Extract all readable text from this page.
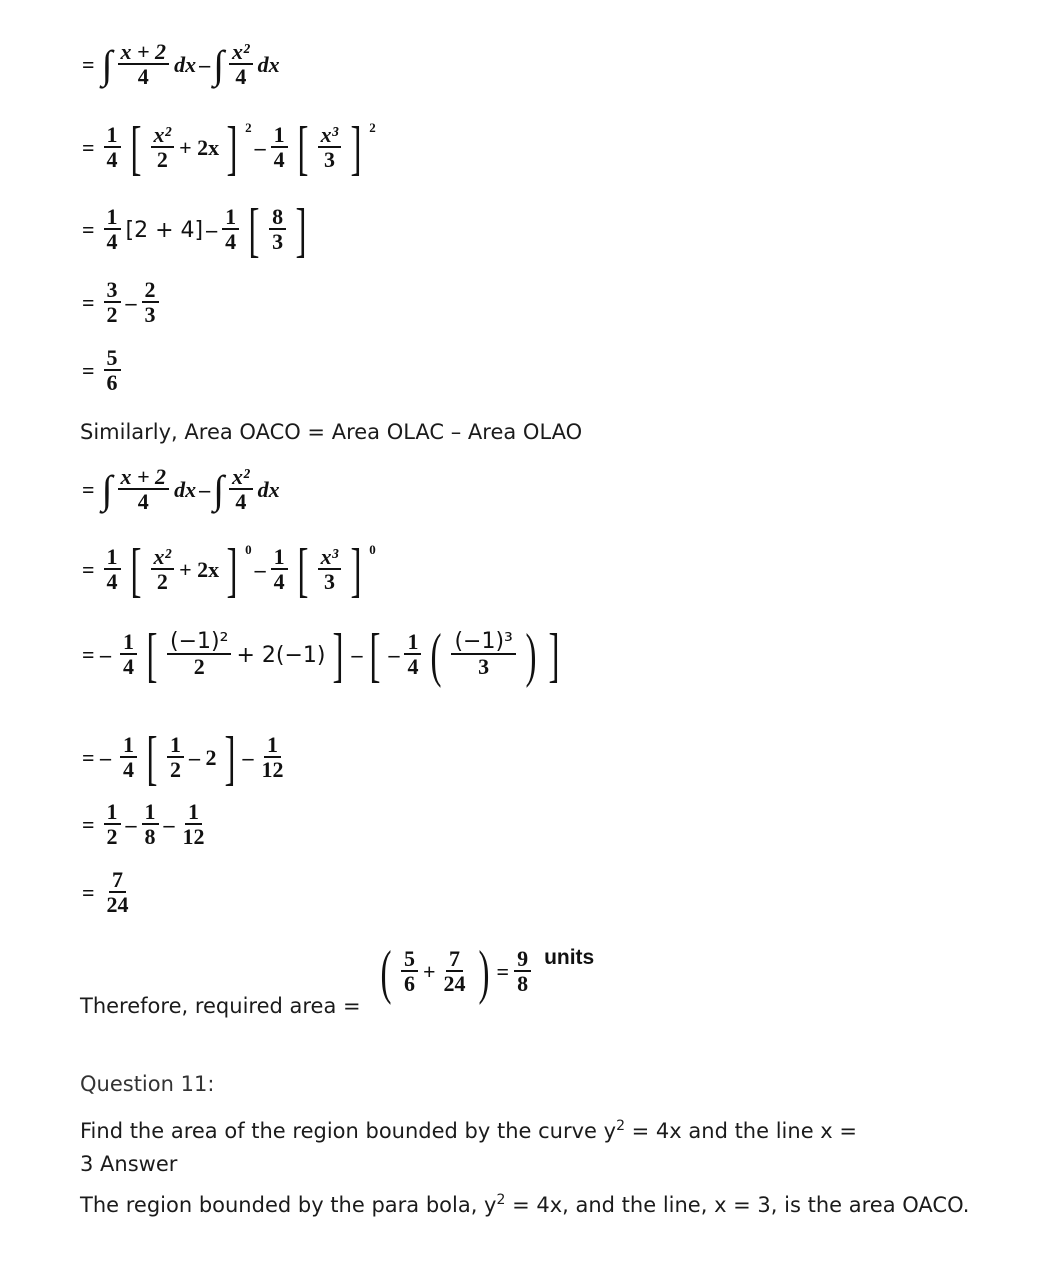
= ∫ $\frac{x + 2}{4}$ dx – ∫ $\frac{\text{x²}}{4}$ dx
= $\frac{1}{4}$ [ $\frac{\text{x²}}{2} + 2x$ ] 2
– $\frac{1}{4}$ [ $\frac{\text{x³}}{3}$ ] 2
= $\frac{1}{4} [2 + 4] - \frac{1}{4}$ [ $\frac{8}{3}$ ]
= $\frac{3}{2} - \frac{2}{3}$
= $\frac{5}{6}$
Similarly, Area OACO = Area OLAC – Area OLAO
= ∫ $\frac{x + 2}{4}$ dx – ∫ $\frac{\text{x²}}{4}$ dx
= $\frac{1}{4}$ [ $\frac{\text{x²}}{2} + 2x$ ] 0
– $\frac{1}{4}$ [ $\frac{\text{x³}}{3}$ ] 0
= – $\frac{1}{4}$ [ $\frac{\text{(−1)²}}{2} + 2(-1)$ ] – [ – $\frac{1}{4}$ ( $\frac{\text{(−1)³}}{3}$ ) ]
= – $\frac{1}{4}$ [ $\frac{1}{2} - 2$ ] – $\frac{1}{12}$
= $\frac{1}{2} - \frac{1}{8} - \frac{1}{12}$
= $\frac{7}{24}$
Therefore, required area =
( $\frac{5}{6} + \frac{7}{24}$ ) = $\frac{9}{8}$ units
Question 11:
Find the area of the region bounded by the curve $y^2 = 4x$ and the line x =
3 Answer
The region bounded by the para bola, $y^2 = 4x$, and the line, x = 3, is the area OACO.
